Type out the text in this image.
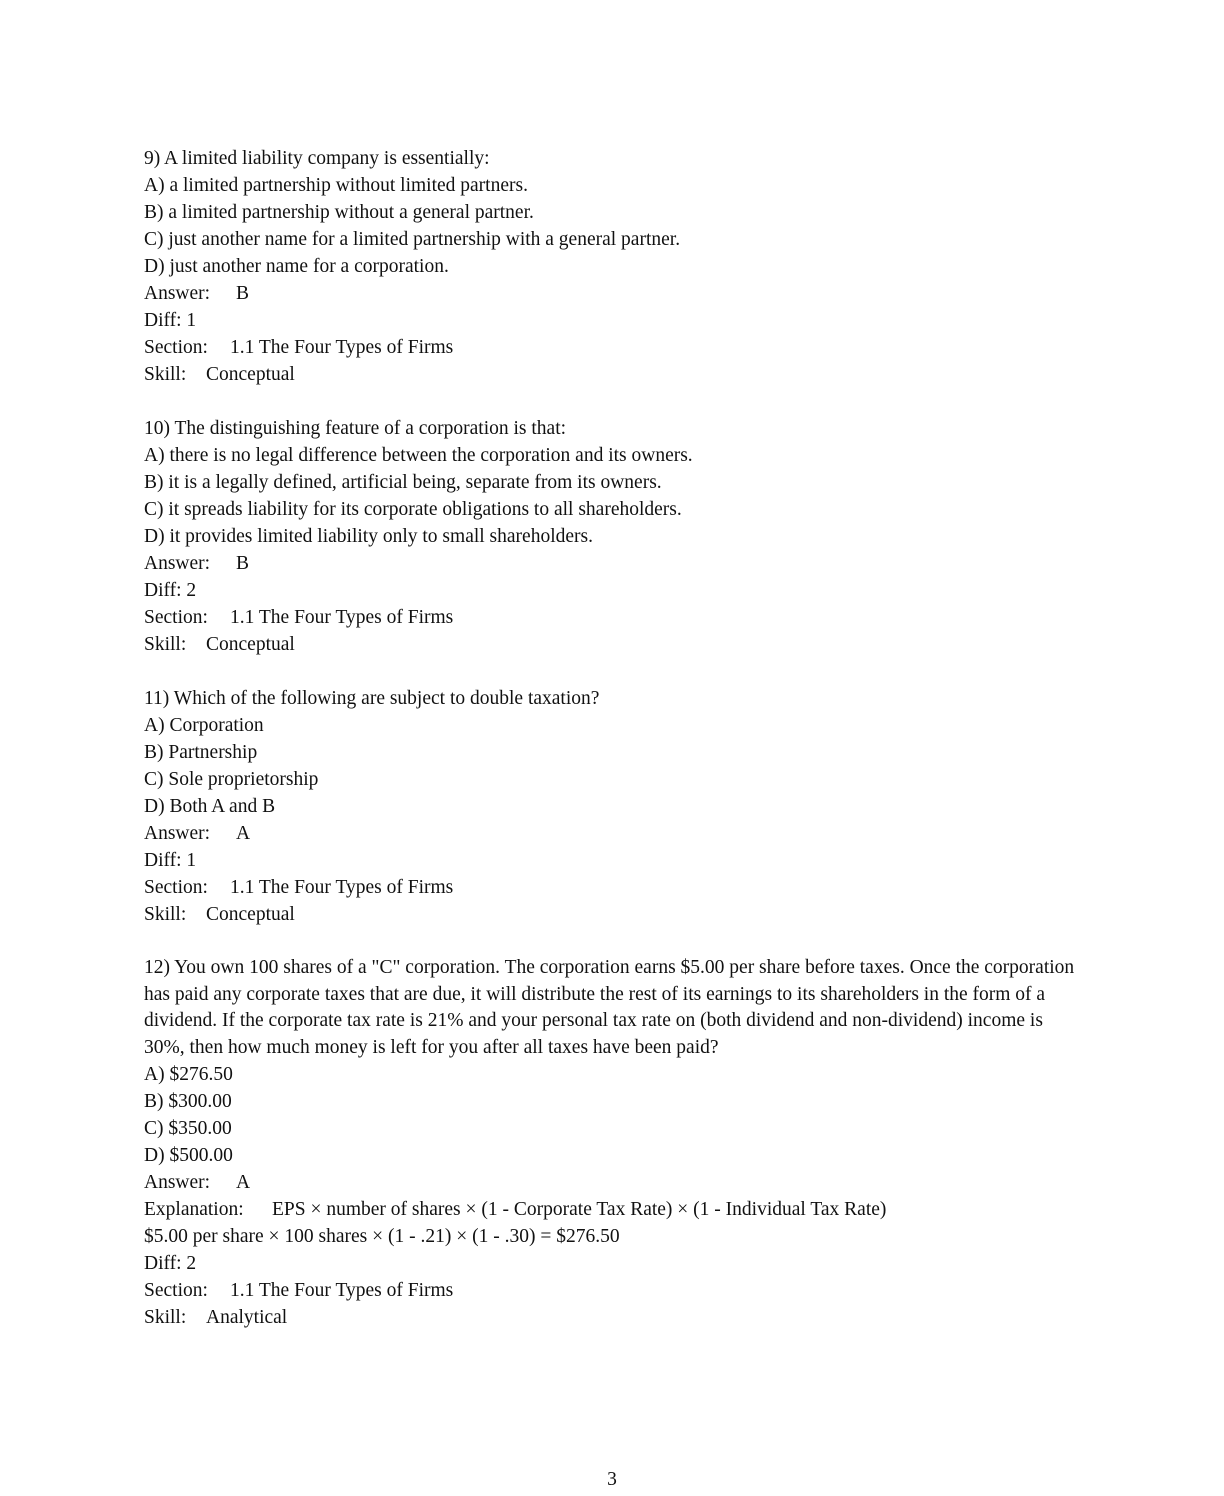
9) A limited liability company is essentially:
A) a limited partnership without limited partners.
B) a limited partnership without a general partner.
C) just another name for a limited partnership with a general partner.
D) just another name for a corporation.
Answer: B
Diff: 1
Section: 1.1 The Four Types of Firms
Skill: Conceptual
10) The distinguishing feature of a corporation is that:
A) there is no legal difference between the corporation and its owners.
B) it is a legally defined, artificial being, separate from its owners.
C) it spreads liability for its corporate obligations to all shareholders.
D) it provides limited liability only to small shareholders.
Answer: B
Diff: 2
Section: 1.1 The Four Types of Firms
Skill: Conceptual
11) Which of the following are subject to double taxation?
A) Corporation
B) Partnership
C) Sole proprietorship
D) Both A and B
Answer: A
Diff: 1
Section: 1.1 The Four Types of Firms
Skill: Conceptual
12) You own 100 shares of a "C" corporation. The corporation earns $5.00 per share before taxes. Once the corporation has paid any corporate taxes that are due, it will distribute the rest of its earnings to its shareholders in the form of a dividend. If the corporate tax rate is 21% and your personal tax rate on (both dividend and non-dividend) income is 30%, then how much money is left for you after all taxes have been paid?
A) $276.50
B) $300.00
C) $350.00
D) $500.00
Answer: A
Explanation: EPS × number of shares × (1 - Corporate Tax Rate) × (1 - Individual Tax Rate)
$5.00 per share × 100 shares × (1 - .21) × (1 - .30) = $276.50
Diff: 2
Section: 1.1 The Four Types of Firms
Skill: Analytical
3
